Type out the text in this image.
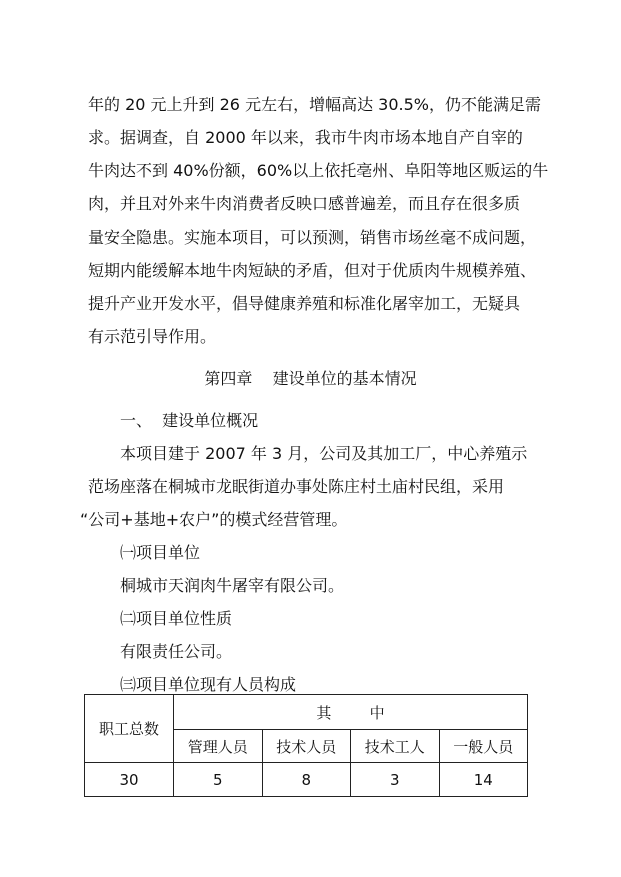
年的 20 元上升到 26 元左右，增幅高达 30.5%，仍不能满足需
求。据调查，自 2000 年以来，我市牛肉市场本地自产自宰的
牛肉达不到 40%份额，60%以上依托亳州、阜阳等地区贩运的牛
肉，并且对外来牛肉消费者反映口感普遍差，而且存在很多质
量安全隐患。实施本项目，可以预测，销售市场丝毫不成问题，
短期内能缓解本地牛肉短缺的矛盾，但对于优质肉牛规模养殖、
提升产业开发水平，倡导健康养殖和标准化屠宰加工，无疑具
有示范引导作用。
第四章    建设单位的基本情况
一、  建设单位概况
本项目建于 2007 年 3 月，公司及其加工厂，中心养殖示
范场座落在桐城市龙眠街道办事处陈庄村土庙村民组，采用
“公司+基地+农户”的模式经营管理。
㈠项目单位
桐城市天润肉牛屠宰有限公司。
㈡项目单位性质
有限责任公司。
㈢项目单位现有人员构成
职工总数	其        中			
	管理人员	技术人员	技术工人	一般人员
30	5	8	3	14
